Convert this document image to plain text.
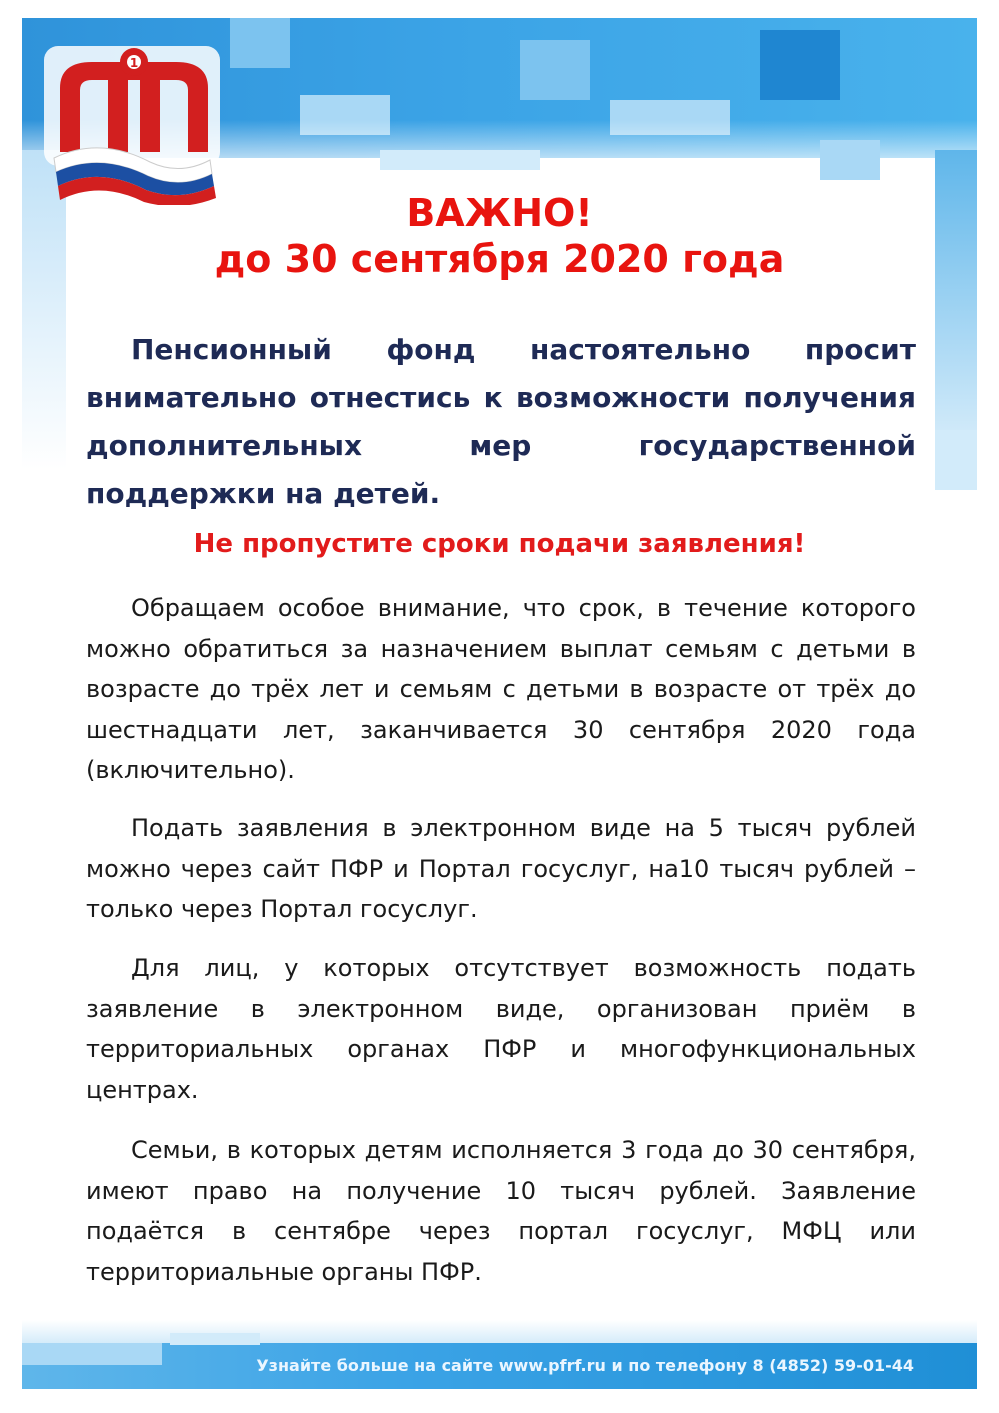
1
ВАЖНО!
до 30 сентября 2020 года
Пенсионный фонд настоятельно просит внимательно отнестись к возможности получения дополнительных мер государственной поддержки на детей.
Не пропустите сроки подачи заявления!
Обращаем особое внимание, что срок, в течение которого можно обратиться за назначением выплат семьям с детьми в возрасте до трёх лет и семьям с детьми в возрасте от трёх до шестнадцати лет, заканчивается 30 сентября 2020 года (включительно).
Подать заявления в электронном виде на 5 тысяч рублей можно через сайт ПФР и Портал госуслуг, на10 тысяч рублей – только через Портал госуслуг.
Для лиц, у которых отсутствует возможность подать заявление в электронном виде, организован приём в территориальных органах ПФР и многофункциональных центрах.
Семьи, в которых детям исполняется 3 года до 30 сентября, имеют право на получение 10 тысяч рублей. Заявление подаётся в сентябре через портал госуслуг, МФЦ или территориальные органы ПФР.
Узнайте больше на сайте www.pfrf.ru и по телефону 8 (4852) 59-01-44
